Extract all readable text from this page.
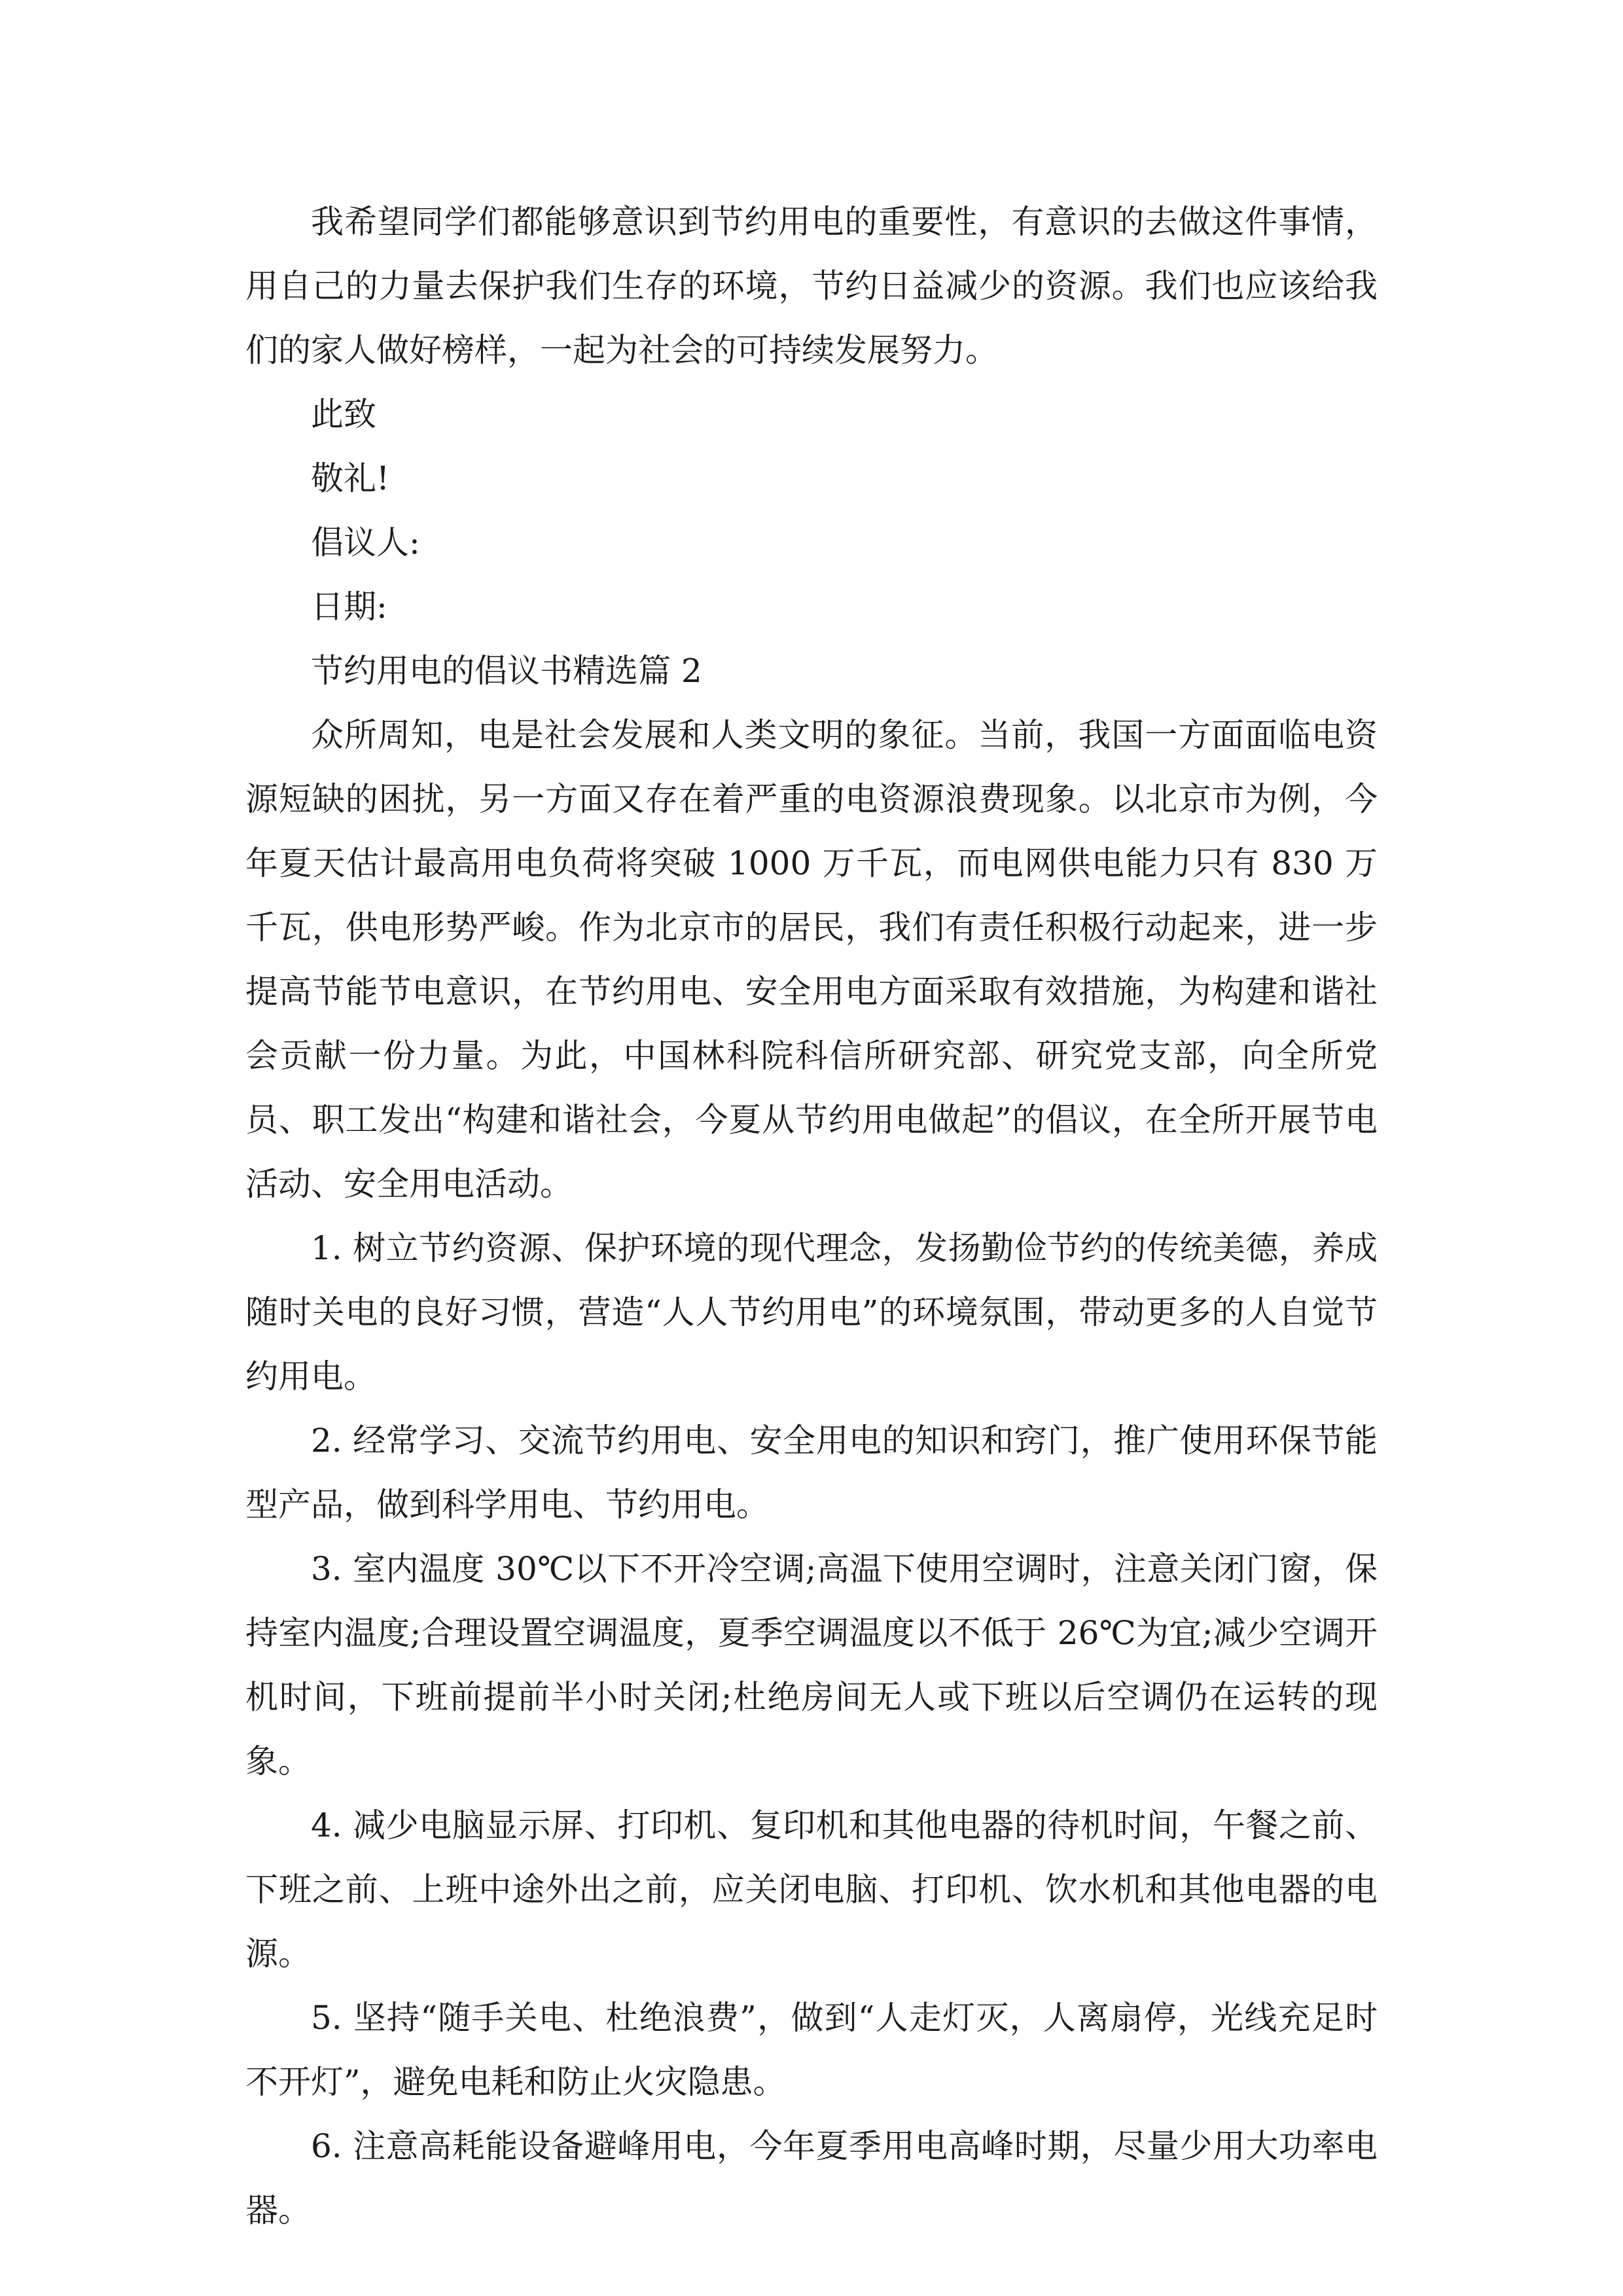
我希望同学们都能够意识到节约用电的重要性，有意识的去做这件事情，用自己的力量去保护我们生存的环境，节约日益减少的资源。我们也应该给我们的家人做好榜样，一起为社会的可持续发展努力。

此致

敬礼!

倡议人:

日期:

节约用电的倡议书精选篇 2

众所周知，电是社会发展和人类文明的象征。当前，我国一方面面临电资源短缺的困扰，另一方面又存在着严重的电资源浪费现象。以北京市为例，今年夏天估计最高用电负荷将突破 1000 万千瓦，而电网供电能力只有 830 万千瓦，供电形势严峻。作为北京市的居民，我们有责任积极行动起来，进一步提高节能节电意识，在节约用电、安全用电方面采取有效措施，为构建和谐社会贡献一份力量。为此，中国林科院科信所研究部、研究党支部，向全所党员、职工发出“构建和谐社会，今夏从节约用电做起”的倡议，在全所开展节电活动、安全用电活动。

1. 树立节约资源、保护环境的现代理念，发扬勤俭节约的传统美德，养成随时关电的良好习惯，营造“人人节约用电”的环境氛围，带动更多的人自觉节约用电。

2. 经常学习、交流节约用电、安全用电的知识和窍门，推广使用环保节能型产品，做到科学用电、节约用电。

3. 室内温度 30℃以下不开冷空调;高温下使用空调时，注意关闭门窗，保持室内温度;合理设置空调温度，夏季空调温度以不低于 26℃为宜;减少空调开机时间，下班前提前半小时关闭;杜绝房间无人或下班以后空调仍在运转的现象。

4. 减少电脑显示屏、打印机、复印机和其他电器的待机时间，午餐之前、下班之前、上班中途外出之前，应关闭电脑、打印机、饮水机和其他电器的电源。

5. 坚持“随手关电、杜绝浪费”，做到“人走灯灭，人离扇停，光线充足时不开灯”，避免电耗和防止火灾隐患。

6. 注意高耗能设备避峰用电，今年夏季用电高峰时期，尽量少用大功率电器。
